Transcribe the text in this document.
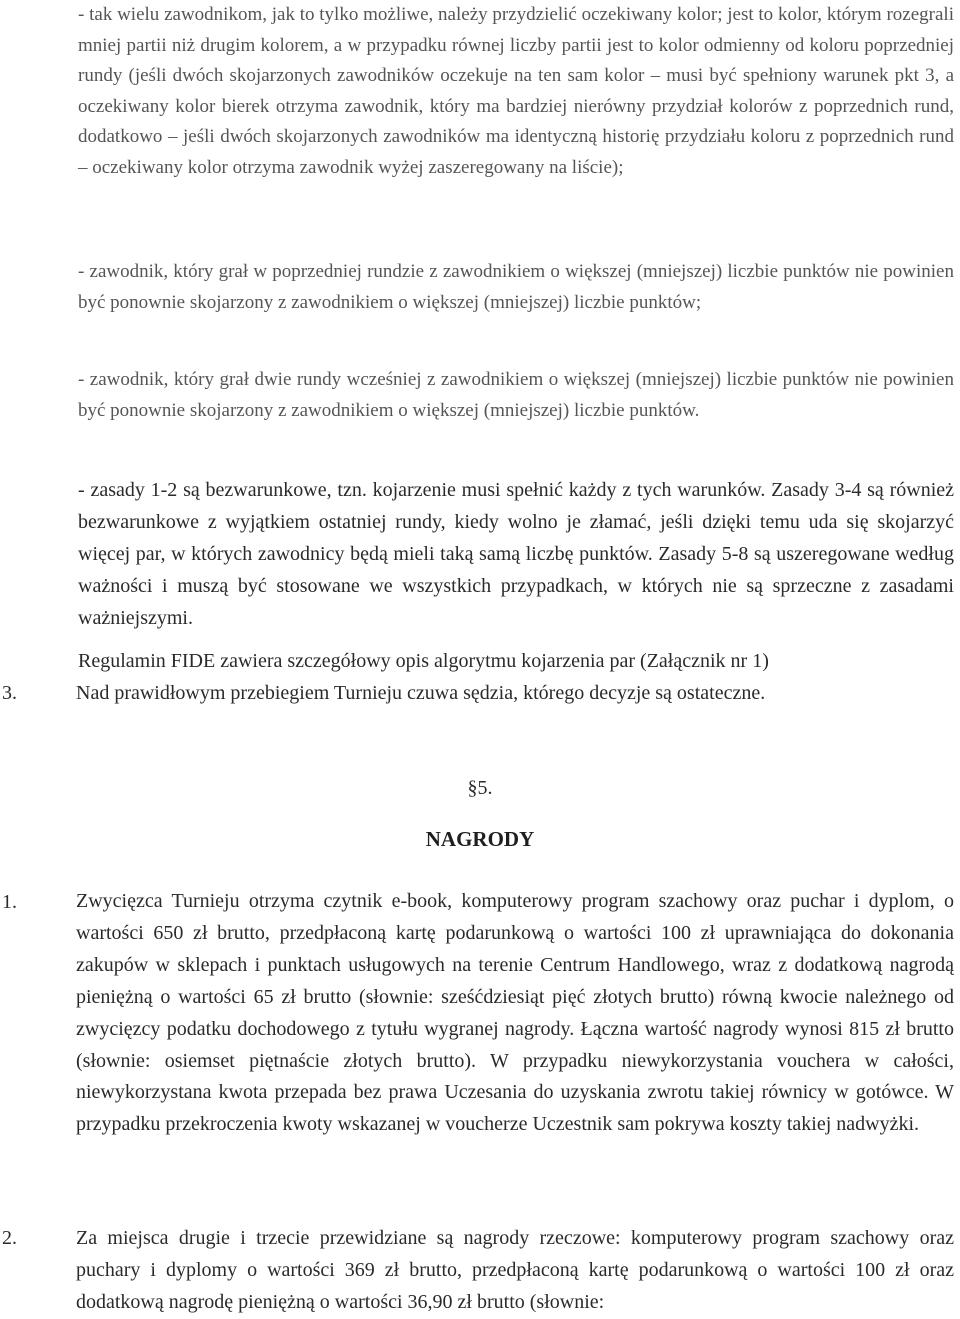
- tak wielu zawodnikom, jak to tylko możliwe, należy przydzielić oczekiwany kolor; jest to kolor, którym rozegrali mniej partii niż drugim kolorem, a w przypadku równej liczby partii jest to kolor odmienny od koloru poprzedniej rundy (jeśli dwóch skojarzonych zawodników oczekuje na ten sam kolor – musi być spełniony warunek pkt 3, a oczekiwany kolor bierek otrzyma zawodnik, który ma bardziej nierówny przydział kolorów z poprzednich rund, dodatkowo – jeśli dwóch skojarzonych zawodników ma identyczną historię przydziału koloru z poprzednich rund – oczekiwany kolor otrzyma zawodnik wyżej zaszeregowany na liście);

- zawodnik, który grał w poprzedniej rundzie z zawodnikiem o większej (mniejszej) liczbie punktów nie powinien być ponownie skojarzony z zawodnikiem o większej (mniejszej) liczbie punktów;

- zawodnik, który grał dwie rundy wcześniej z zawodnikiem o większej (mniejszej) liczbie punktów nie powinien być ponownie skojarzony z zawodnikiem o większej (mniejszej) liczbie punktów.

- zasady 1-2 są bezwarunkowe, tzn. kojarzenie musi spełnić każdy z tych warunków. Zasady 3-4 są również bezwarunkowe z wyjątkiem ostatniej rundy, kiedy wolno je złamać, jeśli dzięki temu uda się skojarzyć więcej par, w których zawodnicy będą mieli taką samą liczbę punktów. Zasady 5-8 są uszeregowane według ważności i muszą być stosowane we wszystkich przypadkach, w których nie są sprzeczne z zasadami ważniejszymi.

Regulamin FIDE zawiera szczegółowy opis algorytmu kojarzenia par (Załącznik nr 1)

3.	Nad prawidłowym przebiegiem Turnieju czuwa sędzia, którego decyzje są ostateczne.

§5.
NAGRODY
1.	Zwycięzca Turnieju otrzyma czytnik e-book, komputerowy program szachowy oraz puchar i dyplom, o wartości 650 zł brutto, przedpłaconą kartę podarunkową o wartości 100 zł uprawniająca do dokonania zakupów w sklepach i punktach usługowych na terenie Centrum Handlowego, wraz z dodatkową nagrodą pieniężną o wartości 65 zł brutto (słownie: sześćdziesiąt pięć złotych brutto) równą kwocie należnego od zwycięzcy podatku dochodowego z tytułu wygranej nagrody. Łączna wartość nagrody wynosi 815 zł brutto (słownie: osiemset piętnaście złotych brutto). W przypadku niewykorzystania vouchera w całości, niewykorzystana kwota przepada bez prawa Uczesania do uzyskania zwrotu takiej równicy w gotówce. W przypadku przekroczenia kwoty wskazanej w voucherze Uczestnik sam pokrywa koszty takiej nadwyżki.

2.	Za miejsca drugie i trzecie przewidziane są nagrody rzeczowe: komputerowy program szachowy oraz puchary i dyplomy o wartości 369 zł brutto, przedpłaconą kartę podarunkową o wartości 100 zł oraz dodatkową nagrodę pieniężną o wartości 36,90 zł brutto (słownie:
